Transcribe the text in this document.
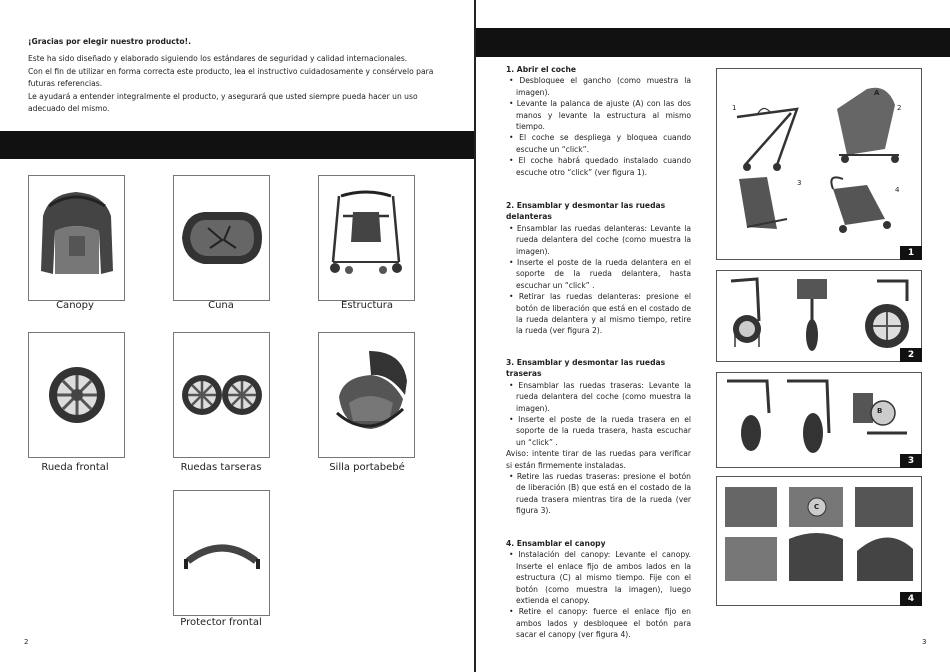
¡Gracias por elegir nuestro producto!.

Este ha sido diseñado y elaborado siguiendo los estándares de seguridad y calidad internacionales.

Con el fin de utilizar en forma correcta este producto, lea el instructivo cuidadosamente y consérvelo para futuras referencias.

Le ayudará a entender integralmente el producto, y asegurará que usted siempre pueda hacer un uso adecuado del mismo.

Canopy	Cuna	Estructura
Rueda frontal	Ruedas tarseras	Silla portabebé
Protector frontal
2

1. Abrir el coche

• Desbloquee el gancho (como muestra la imagen).

• Levante la palanca de ajuste (A) con las dos manos y levante la estructura al mismo tiempo.

• El coche se despliega y bloquea cuando escuche un “click”.

• El coche habrá quedado instalado cuando escuche otro “click” (ver figura 1).

2. Ensamblar y desmontar las ruedas delanteras

• Ensamblar las ruedas delanteras: Levante la rueda delantera del coche (como muestra la imagen).

• Inserte el poste de la rueda delantera en el soporte de la rueda delantera, hasta escuchar un “click” .

• Retirar las ruedas delanteras: presione el botón de liberación que está en el costado de la rueda delantera y al mismo tiempo, retire la rueda (ver figura 2).

3. Ensamblar y desmontar las ruedas traseras

• Ensamblar las ruedas traseras: Levante la rueda delantera del coche (como muestra la imagen).

• Inserte el poste de la rueda trasera en el soporte de la rueda trasera, hasta escuchar un “click” .

Aviso: intente tirar de las ruedas para verificar si están firmemente instaladas.

• Retire las ruedas traseras: presione el botón de liberación (B) que está en el costado de la rueda trasera mientras tira de la rueda (ver figura 3).

4. Ensamblar el canopy

• Instalación del canopy: Levante el canopy. Inserte el enlace fijo de ambos lados en la estructura (C) al mismo tiempo. Fije con el botón (como muestra la imagen), luego extienda el canopy.

• Retire el canopy: fuerce el enlace fijo en ambos lados y desbloquee el botón para sacar el canopy (ver figura 4).

1	2
3
4
A
1
2
B
3
C
4
3
